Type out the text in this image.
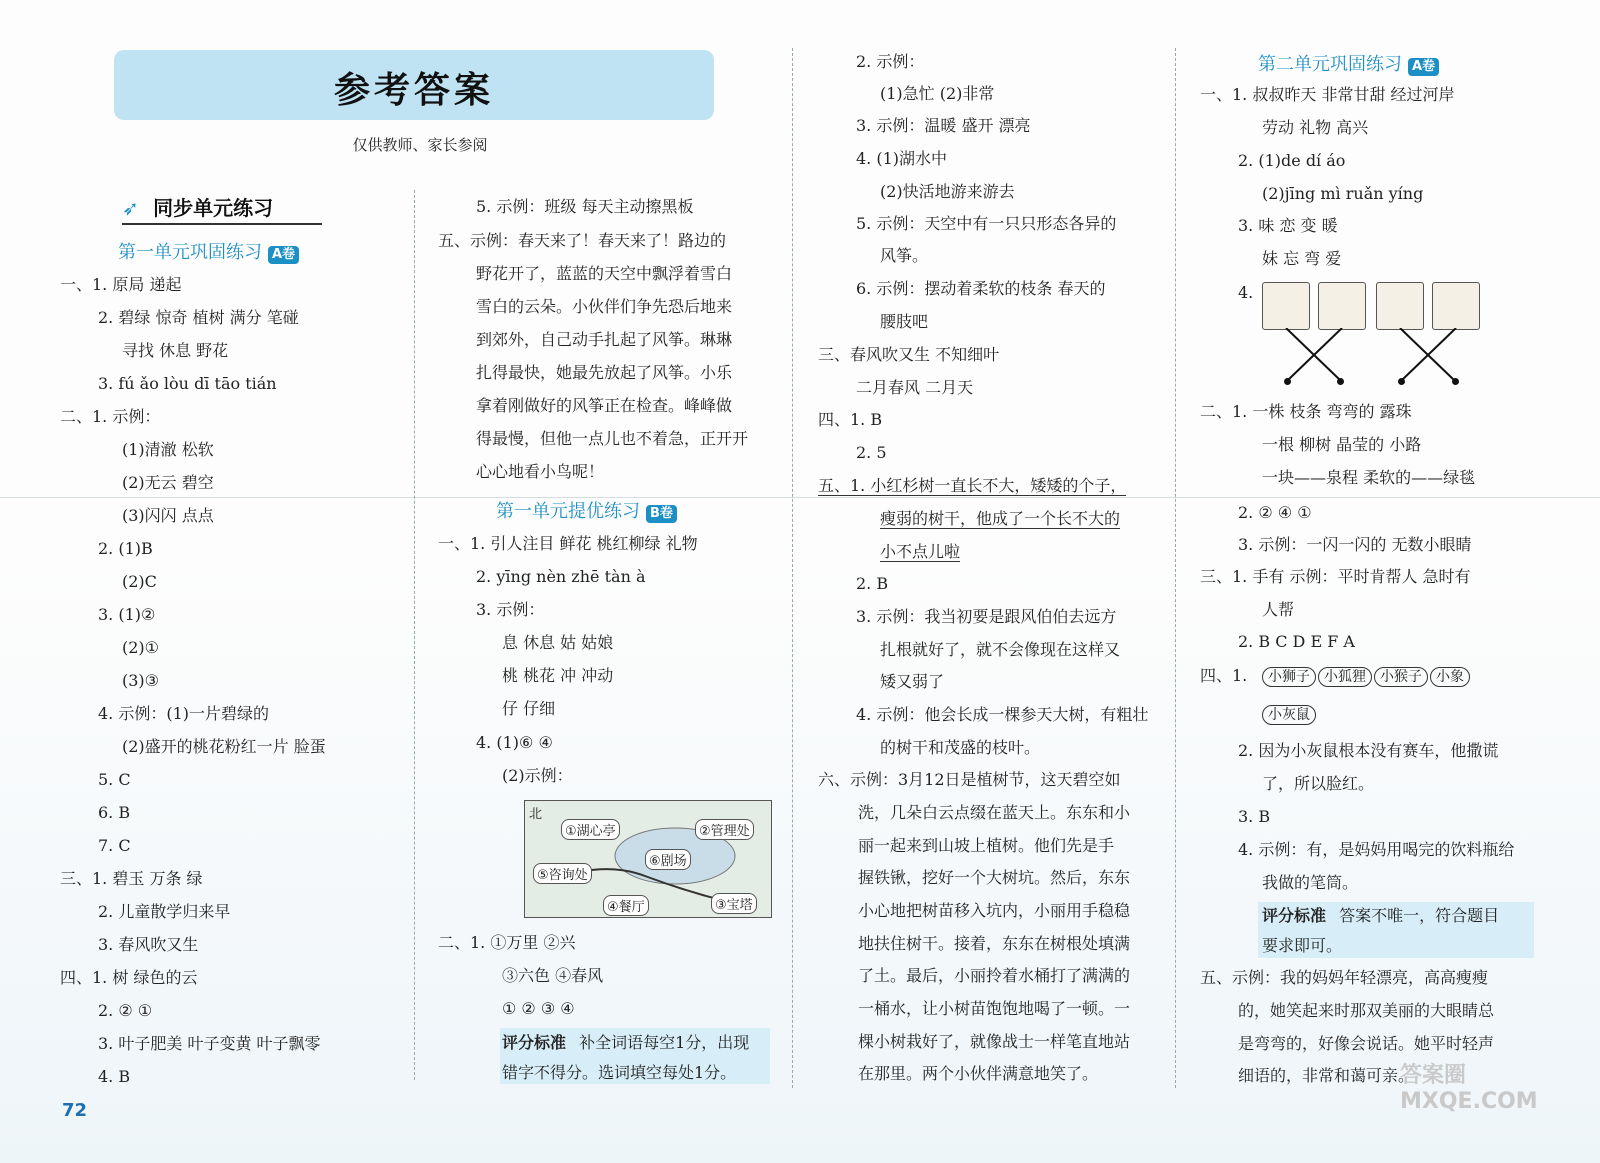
参考答案
仅供教师、家长参阅
➶ 同步单元练习
第一单元巩固练习 A卷
第一单元提优练习 B卷
第二单元巩固练习 A卷
一、1. 原局 递起
2. 碧绿 惊奇 植树 满分 笔碰
寻找 休息 野花
3. fú ǎo lòu dī tāo tián
二、1. 示例：
(1)清澈 松软
(2)无云 碧空
(3)闪闪 点点
2. (1)B
(2)C
3. (1)②
(2)①
(3)③
4. 示例：(1)一片碧绿的
(2)盛开的桃花粉红一片 脸蛋
5. C
6. B
7. C
三、1. 碧玉 万条 绿
2. 儿童散学归来早
3. 春风吹又生
四、1. 树 绿色的云
2. ② ①
3. 叶子肥美 叶子变黄 叶子飘零
4. B
5. 示例：班级 每天主动擦黑板
五、示例：春天来了！春天来了！路边的
野花开了，蓝蓝的天空中飘浮着雪白
雪白的云朵。小伙伴们争先恐后地来
到郊外，自己动手扎起了风筝。琳琳
扎得最快，她最先放起了风筝。小乐
拿着刚做好的风筝正在检查。峰峰做
得最慢，但他一点儿也不着急，正开开
心心地看小鸟呢！
一、1. 引人注目 鲜花 桃红柳绿 礼物
2. yīng nèn zhē tàn à
3. 示例：
息 休息 姑 姑娘
桃 桃花 冲 冲动
仔 仔细
4. (1)⑥ ④
(2)示例：
北
①湖心亭	②管理处
⑥剧场
⑤咨询处
④餐厅	③宝塔
二、1. ①万里 ②兴
③六色 ④春风
① ② ③ ④
评分标准 补全词语每空1分，出现
错字不得分。选词填空每处1分。
2. 示例：
(1)急忙 (2)非常
3. 示例：温暖 盛开 漂亮
4. (1)湖水中
(2)快活地游来游去
5. 示例：天空中有一只只形态各异的
风筝。
6. 示例：摆动着柔软的枝条 春天的
腰肢吧
三、春风吹又生 不知细叶
二月春风 二月天
四、1. B
2. 5
五、1. 小红杉树一直长不大，矮矮的个子，
瘦弱的树干，他成了一个长不大的
小不点儿啦
2. B
3. 示例：我当初要是跟风伯伯去远方
扎根就好了，就不会像现在这样又
矮又弱了
4. 示例：他会长成一棵参天大树，有粗壮
的树干和茂盛的枝叶。
六、示例：3月12日是植树节，这天碧空如
洗，几朵白云点缀在蓝天上。东东和小
丽一起来到山坡上植树。他们先是手
握铁锹，挖好一个大树坑。然后，东东
小心地把树苗移入坑内，小丽用手稳稳
地扶住树干。接着，东东在树根处填满
了土。最后，小丽拎着水桶打了满满的
一桶水，让小树苗饱饱地喝了一顿。一
棵小树栽好了，就像战士一样笔直地站
在那里。两个小伙伴满意地笑了。
一、1. 叔叔昨天 非常甘甜 经过河岸
劳动 礼物 高兴
2. (1)de dí áo
(2)jīng mì ruǎn yíng
3. 味 恋 变 暖
妹 忘 弯 爱
4.
二、1. 一株 枝条 弯弯的 露珠
一根 柳树 晶莹的 小路
一块——泉程 柔软的——绿毯
2. ② ④ ①
3. 示例：一闪一闪的 无数小眼睛
三、1. 手有 示例：平时肯帮人 急时有
人帮
2. B C D E F A
四、1.	小狮子 小狐狸 小猴子 小象
小灰鼠
2. 因为小灰鼠根本没有赛车，他撒谎
了，所以脸红。
3. B
4. 示例：有，是妈妈用喝完的饮料瓶给
我做的笔筒。
评分标准 答案不唯一，符合题目
要求即可。
五、示例：我的妈妈年轻漂亮，高高瘦瘦
的，她笑起来时那双美丽的大眼睛总
是弯弯的，好像会说话。她平时轻声
细语的，非常和蔼可亲。
72
答案圈 MXQE.COM
